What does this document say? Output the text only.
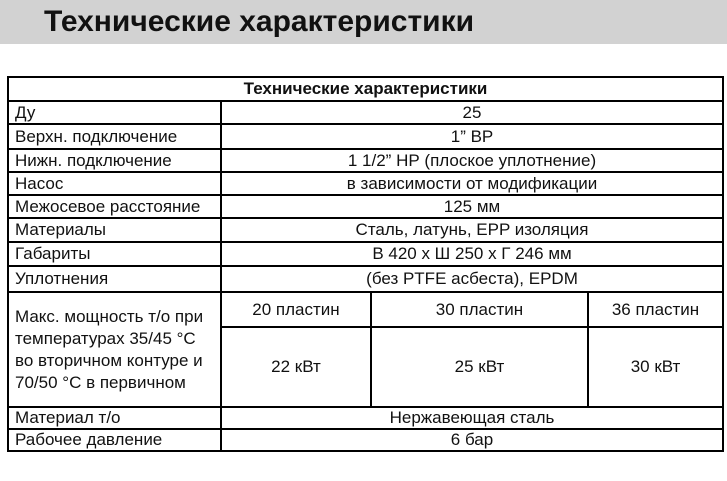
Технические характеристики
Технические характеристики			
Ду	25		
Верхн. подключение	1” ВР		
Нижн. подключение	1 1/2” НР (плоское уплотнение)		
Насос	в зависимости от модификации		
Межосевое расстояние	125 мм		
Материалы	Сталь, латунь, EPP изоляция		
Габариты	В 420 х Ш 250 х Г 246 мм		
Уплотнения	(без PTFE асбеста), EPDM		
Макс. мощность т/о при температурах 35/45 °С во вторичном контуре и 70/50 °С в первичном	20 пластин	30 пластин	36 пластин
	22 кВт	25 кВт	30 кВт
Материал т/о	Нержавеющая сталь		
Рабочее давление	6 бар		
